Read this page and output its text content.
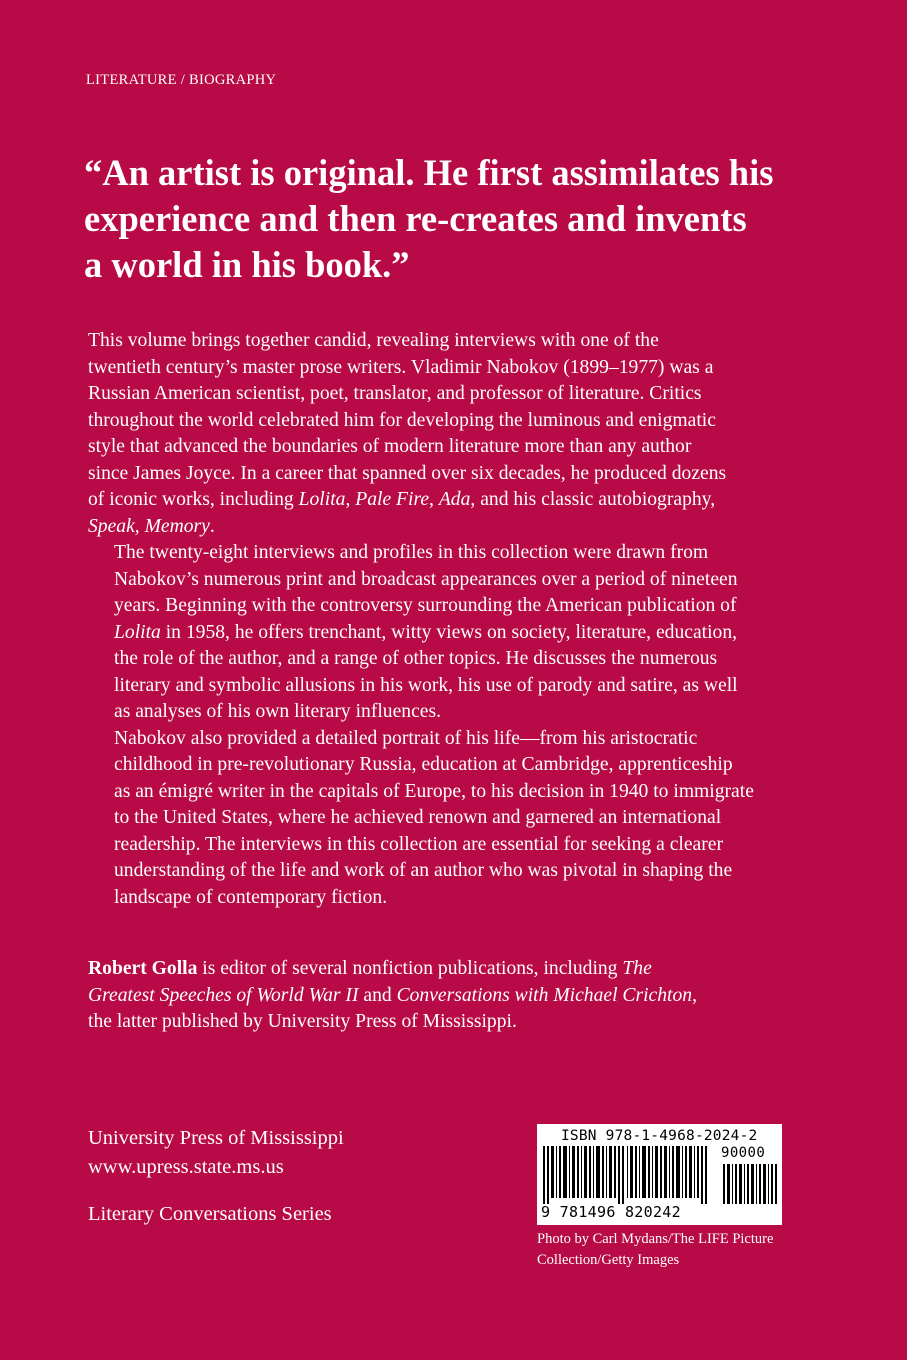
LITERATURE / BIOGRAPHY
“An artist is original. He first assimilates his
experience and then re-creates and invents
a world in his book.”

This volume brings together candid, revealing interviews with one of the
twentieth century’s master prose writers. Vladimir Nabokov (1899–1977) was a
Russian American scientist, poet, translator, and professor of literature. Critics
throughout the world celebrated him for developing the luminous and enigmatic
style that advanced the boundaries of modern literature more than any author
since James Joyce. In a career that spanned over six decades, he produced dozens
of iconic works, including Lolita, Pale Fire, Ada, and his classic autobiography,
Speak, Memory.

The twenty-eight interviews and profiles in this collection were drawn from
Nabokov’s numerous print and broadcast appearances over a period of nineteen
years. Beginning with the controversy surrounding the American publication of
Lolita in 1958, he offers trenchant, witty views on society, literature, education,
the role of the author, and a range of other topics. He discusses the numerous
literary and symbolic allusions in his work, his use of parody and satire, as well
as analyses of his own literary influences.

Nabokov also provided a detailed portrait of his life—from his aristocratic
childhood in pre-revolutionary Russia, education at Cambridge, apprenticeship
as an émigré writer in the capitals of Europe, to his decision in 1940 to immigrate
to the United States, where he achieved renown and garnered an international
readership. The interviews in this collection are essential for seeking a clearer
understanding of the life and work of an author who was pivotal in shaping the
landscape of contemporary fiction.

Robert Golla is editor of several nonfiction publications, including The
Greatest Speeches of World War II and Conversations with Michael Crichton,
the latter published by University Press of Mississippi.
University Press of Mississippi
www.upress.state.ms.us
Literary Conversations Series
ISBN 978-1-4968-2024-2
90000
9 781496 820242
Photo by Carl Mydans/The LIFE Picture
Collection/Getty Images
